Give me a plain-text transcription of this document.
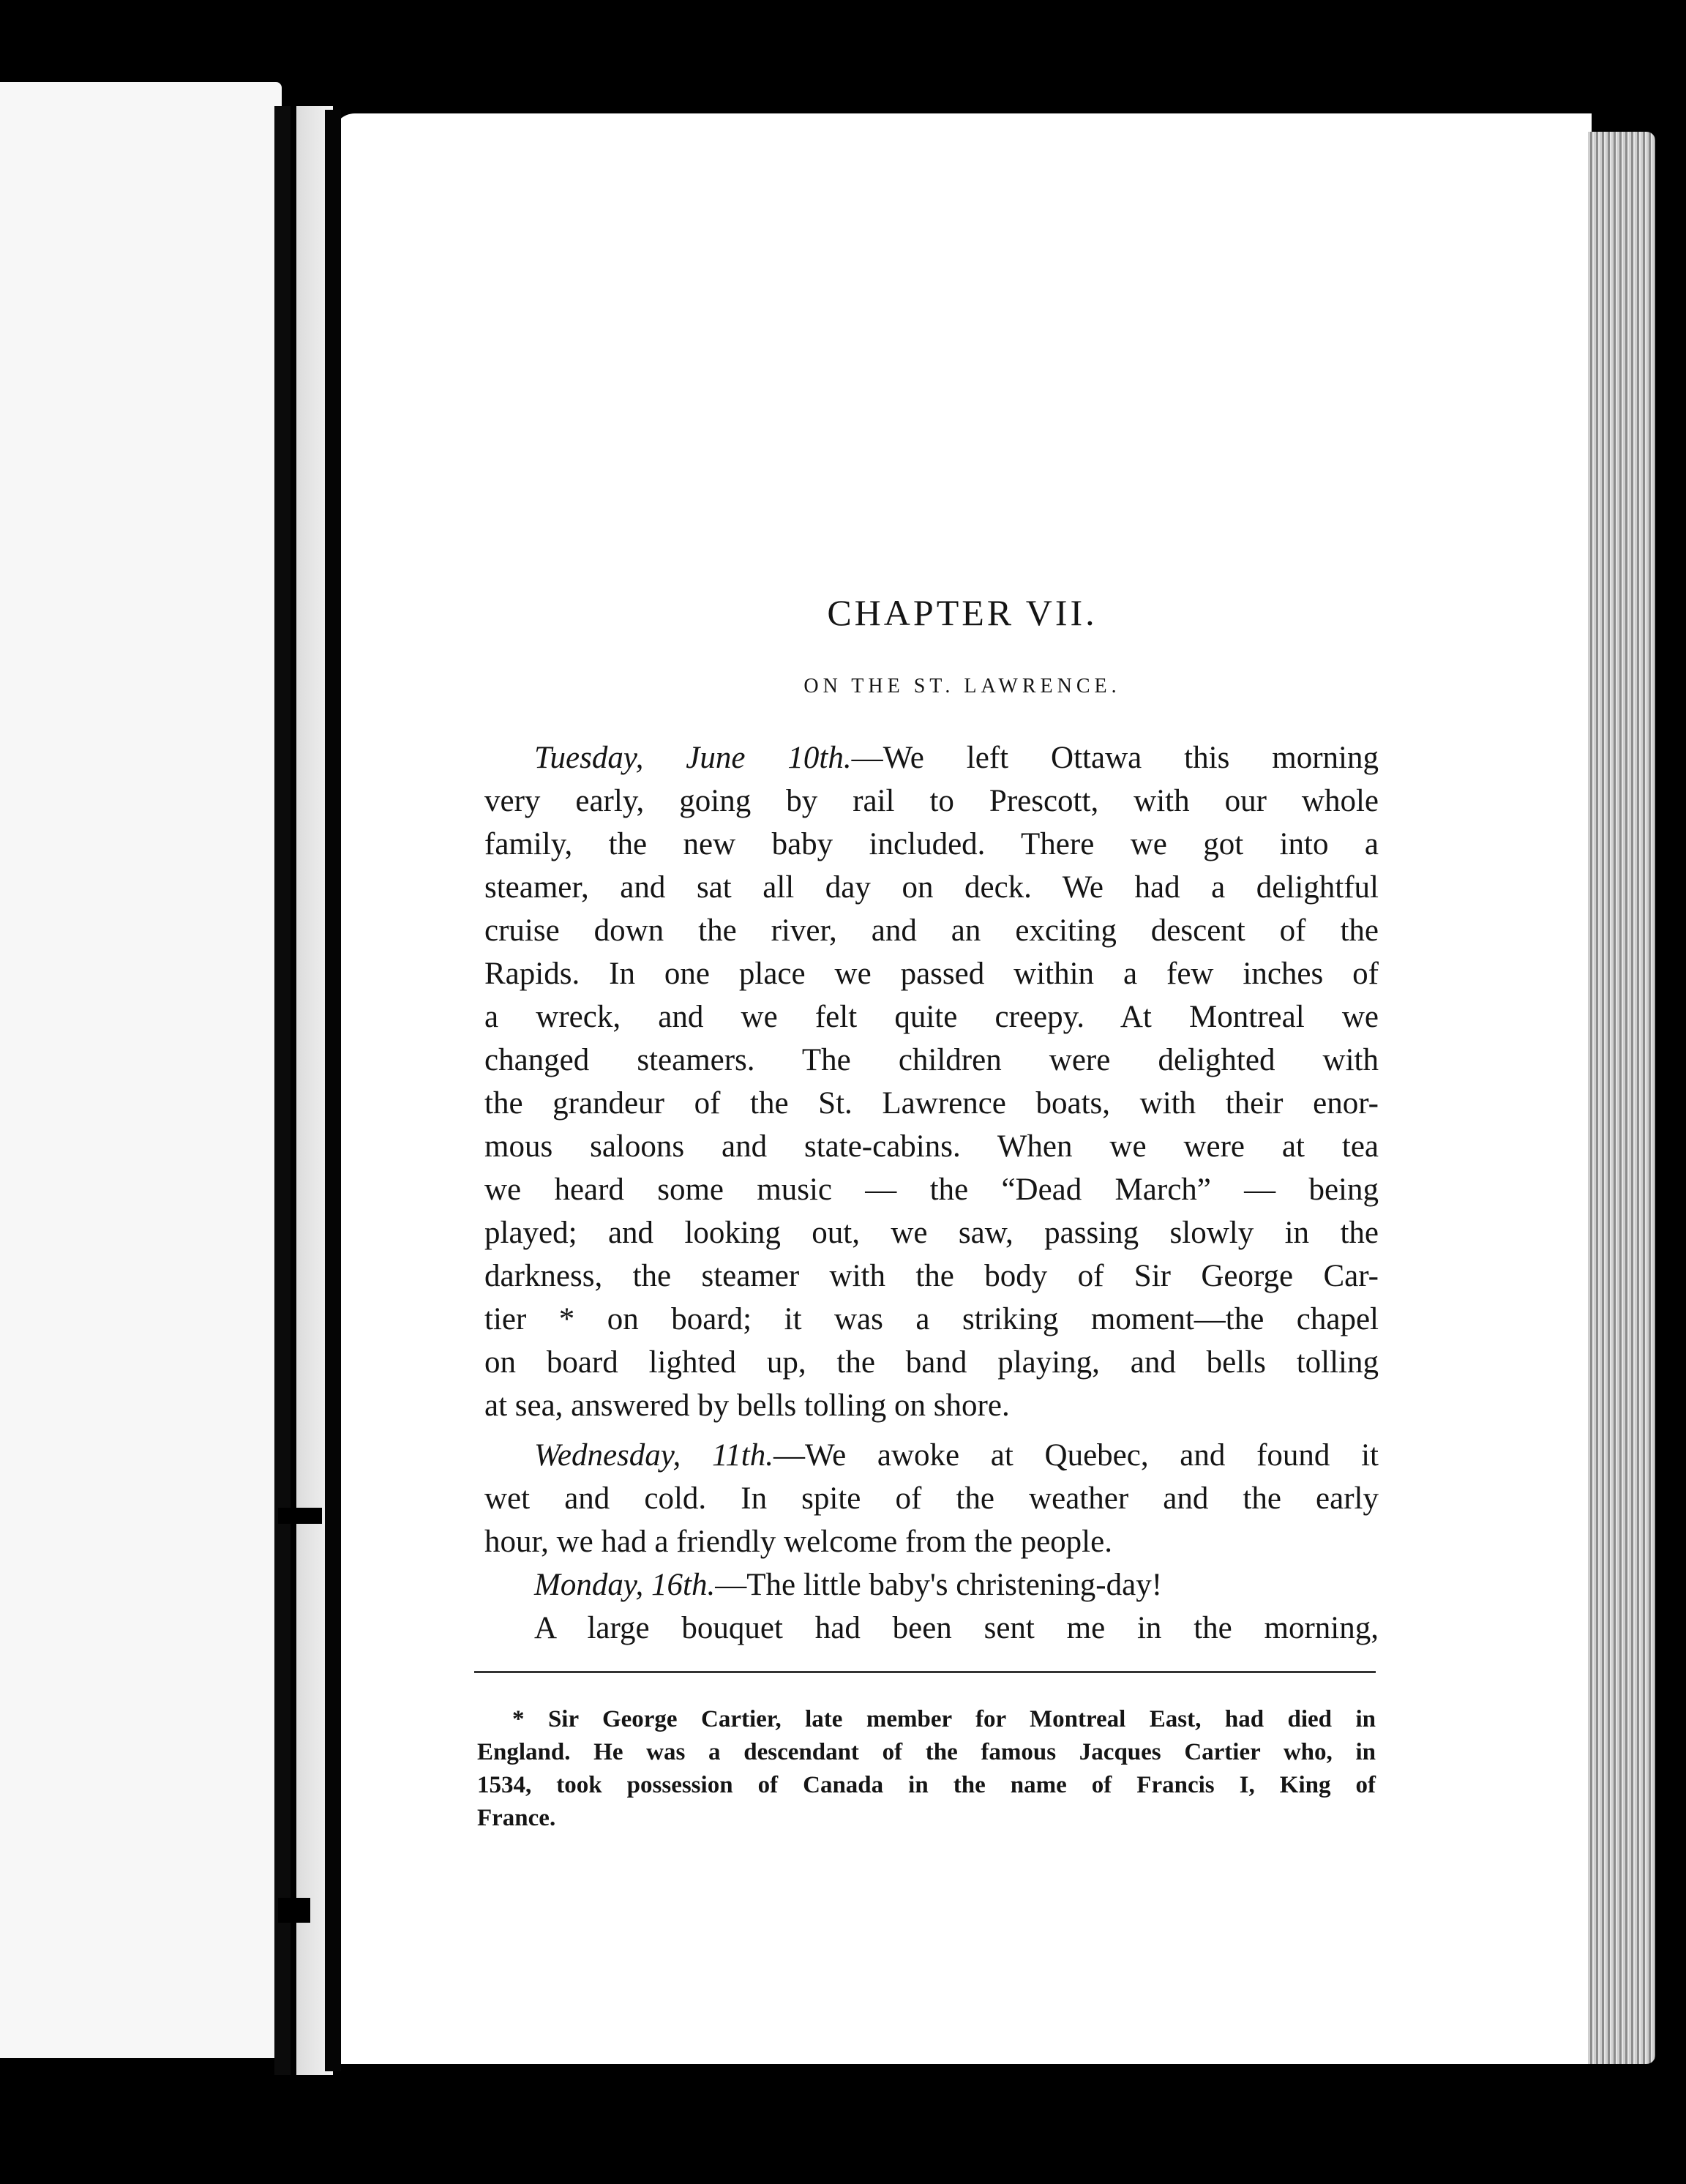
CHAPTER VII.
ON THE ST. LAWRENCE.
Tuesday, June 10th.—We left Ottawa this morning
very early, going by rail to Prescott, with our whole
family, the new baby included. There we got into a
steamer, and sat all day on deck. We had a delightful
cruise down the river, and an exciting descent of the
Rapids. In one place we passed within a few inches of
a wreck, and we felt quite creepy. At Montreal we
changed steamers. The children were delighted with
the grandeur of the St. Lawrence boats, with their enor-
mous saloons and state-cabins. When we were at tea
we heard some music — the “Dead March” — being
played; and looking out, we saw, passing slowly in the
darkness, the steamer with the body of Sir George Car-
tier * on board; it was a striking moment—the chapel
on board lighted up, the band playing, and bells tolling
at sea, answered by bells tolling on shore.
Wednesday, 11th.—We awoke at Quebec, and found it
wet and cold. In spite of the weather and the early
hour, we had a friendly welcome from the people.
Monday, 16th.—The little baby's christening-day!
A large bouquet had been sent me in the morning,
* Sir George Cartier, late member for Montreal East, had died in
England. He was a descendant of the famous Jacques Cartier who, in
1534, took possession of Canada in the name of Francis I, King of
France.
